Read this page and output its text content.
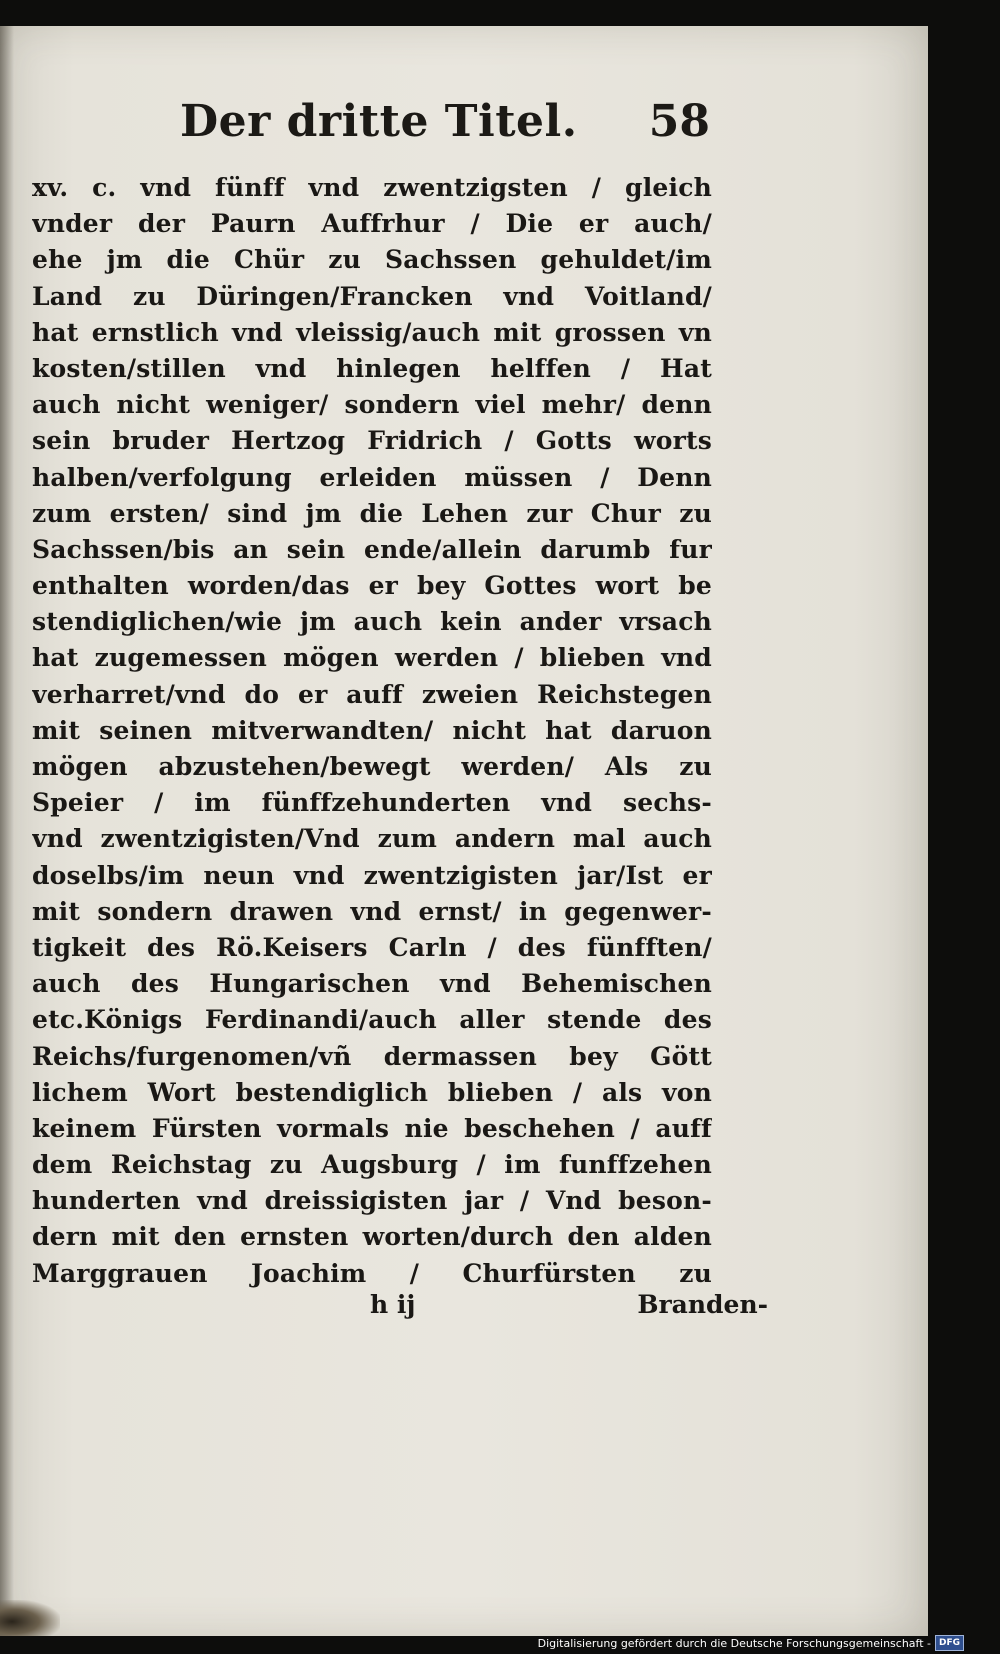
Der dritte Titel. 58
xv. c. vnd fünff vnd zwentzigsten / gleich
vnder der Paurn Auffrhur / Die er auch/
ehe jm die Chür zu Sachssen gehuldet/im
Land zu Düringen/Francken vnd Voitland/
hat ernstlich vnd vleissig/auch mit grossen vn
kosten/stillen vnd hinlegen helffen / Hat
auch nicht weniger/ sondern viel mehr/ denn
sein bruder Hertzog Fridrich / Gotts worts
halben/verfolgung erleiden müssen / Denn
zum ersten/ sind jm die Lehen zur Chur zu
Sachssen/bis an sein ende/allein darumb fur
enthalten worden/das er bey Gottes wort be
stendiglichen/wie jm auch kein ander vrsach
hat zugemessen mögen werden / blieben vnd
verharret/vnd do er auff zweien Reichstegen
mit seinen mitverwandten/ nicht hat daruon
mögen abzustehen/bewegt werden/ Als zu
Speier / im fünffzehunderten vnd sechs-
vnd zwentzigisten/Vnd zum andern mal auch
doselbs/im neun vnd zwentzigisten jar/Ist er
mit sondern drawen vnd ernst/ in gegenwer-
tigkeit des Rö.Keisers Carln / des fünfften/
auch des Hungarischen vnd Behemischen
etc.Königs Ferdinandi/auch aller stende des
Reichs/furgenomen/vñ dermassen bey Gött
lichem Wort bestendiglich blieben / als von
keinem Fürsten vormals nie beschehen / auff
dem Reichstag zu Augsburg / im funffzehen
hunderten vnd dreissigisten jar / Vnd beson-
dern mit den ernsten worten/durch den alden
Marggrauen Joachim / Churfürsten zu
h ij	Branden-
Digitalisierung gefördert durch die Deutsche Forschungsgemeinschaft - DFG
